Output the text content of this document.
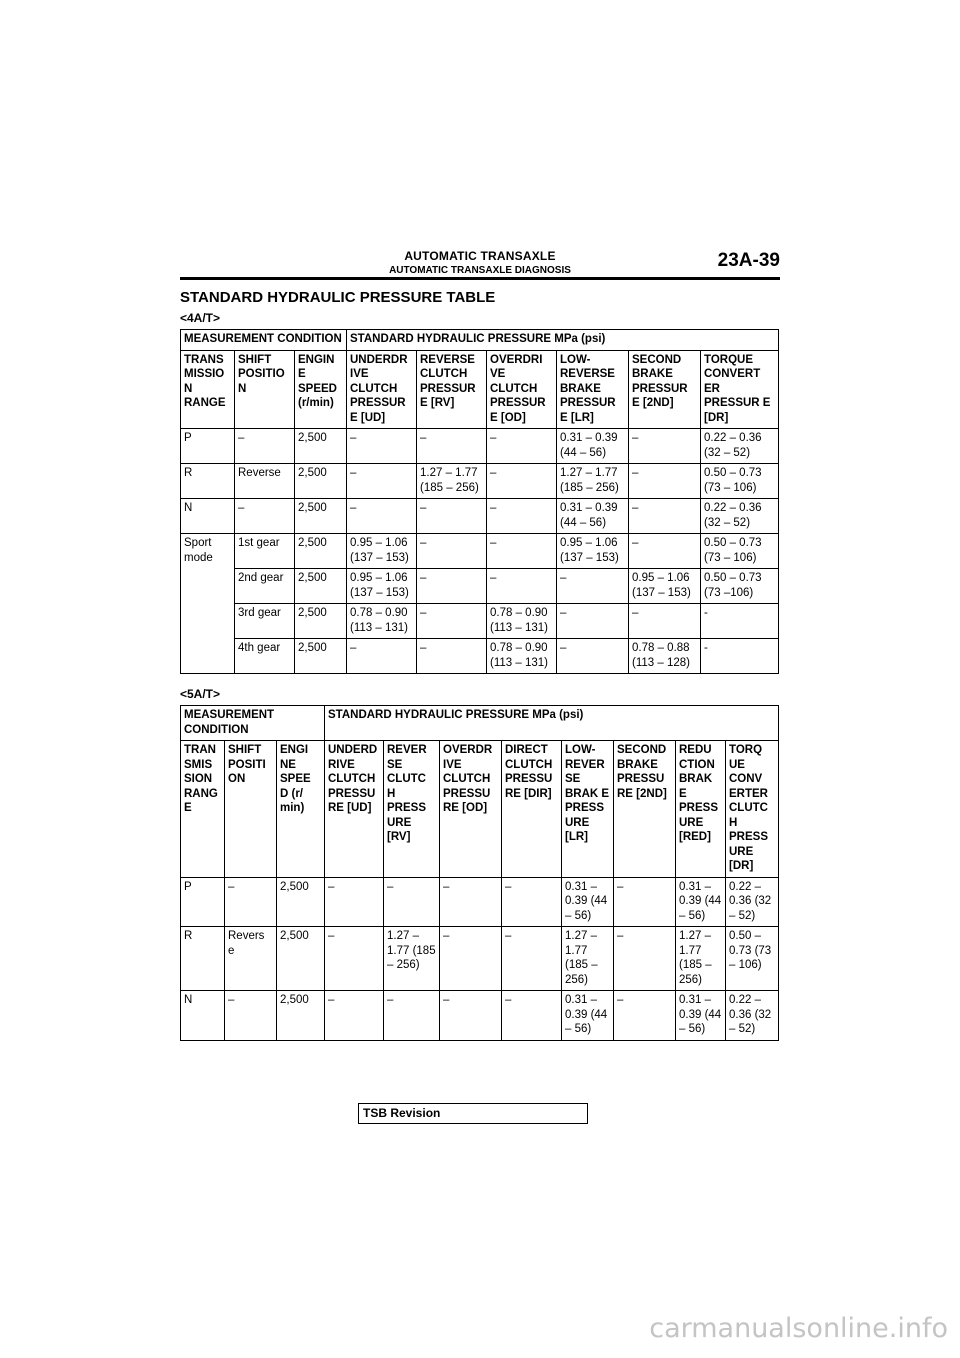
AUTOMATIC TRANSAXLE
AUTOMATIC TRANSAXLE DIAGNOSIS	23A-39
STANDARD HYDRAULIC PRESSURE TABLE
<4A/T>
MEASUREMENT CONDITION			STANDARD HYDRAULIC PRESSURE MPa (psi)					
TRANS MISSIO N RANGE	SHIFT POSITIO N	ENGIN E SPEED (r/min)	UNDERDR IVE CLUTCH PRESSUR E [UD]	REVERSE CLUTCH PRESSUR E [RV]	OVERDRI VE CLUTCH PRESSUR E [OD]	LOW-REVERSE BRAKE PRESSUR E [LR]	SECOND BRAKE PRESSUR E [2ND]	TORQUE CONVERT ER PRESSUR E [DR]
P	–	2,500	–	–	–	0.31 – 0.39 (44 – 56)	–	0.22 – 0.36 (32 – 52)
R	Reverse	2,500	–	1.27 – 1.77 (185 – 256)	–	1.27 – 1.77 (185 – 256)	–	0.50 – 0.73 (73 – 106)
N	–	2,500	–	–	–	0.31 – 0.39 (44 – 56)	–	0.22 – 0.36 (32 – 52)
Sport mode	1st gear	2,500	0.95 – 1.06 (137 – 153)	–	–	0.95 – 1.06 (137 – 153)	–	0.50 – 0.73 (73 – 106)
	2nd gear	2,500	0.95 – 1.06 (137 – 153)	–	–	–	0.95 – 1.06 (137 – 153)	0.50 – 0.73 (73 –106)
	3rd gear	2,500	0.78 – 0.90 (113 – 131)	–	0.78 – 0.90 (113 – 131)	–	–	-
	4th gear	2,500	–	–	0.78 – 0.90 (113 – 131)	–	0.78 – 0.88 (113 – 128)	-
<5A/T>
MEASUREMENT CONDITION			STANDARD HYDRAULIC PRESSURE MPa (psi)							
TRAN SMIS SION RANG E	SHIFT POSITI ON	ENGI NE SPEE D (r/ min)	UNDERD RIVE CLUTCH PRESSU RE [UD]	REVER SE CLUTC H PRESS URE [RV]	OVERDR IVE CLUTCH PRESSU RE [OD]	DIRECT CLUTCH PRESSU RE [DIR]	LOW-REVER SE BRAK E PRESS URE [LR]	SECOND BRAKE PRESSU RE [2ND]	REDU CTION BRAK E PRESS URE [RED]	TORQ UE CONV ERTER CLUTC H PRESS URE [DR]
P	–	2,500	–	–	–	–	0.31 – 0.39 (44 – 56)	–	0.31 – 0.39 (44 – 56)	0.22 – 0.36 (32 – 52)
R	Revers e	2,500	–	1.27 – 1.77 (185 – 256)	–	–	1.27 – 1.77 (185 – 256)	–	1.27 – 1.77 (185 – 256)	0.50 – 0.73 (73 – 106)
N	–	2,500	–	–	–	–	0.31 – 0.39 (44 – 56)	–	0.31 – 0.39 (44 – 56)	0.22 – 0.36 (32 – 52)
TSB Revision
carmanualsonline.info
